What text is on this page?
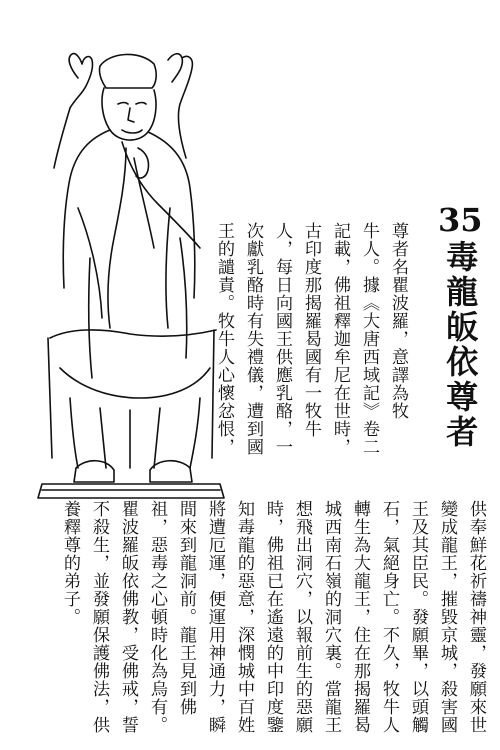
35毒龍皈依尊者
尊者名瞿波羅，意譯為牧
牛人。據《大唐西域記》卷二
記載，佛祖釋迦牟尼在世時，
古印度那揭羅曷國有一牧牛
人，每日向國王供應乳酪，一
次獻乳酪時有失禮儀，遭到國
王的譴責。牧牛人心懷忿恨，
供奉鮮花祈禱神靈，發願來世
變成龍王，摧毀京城，殺害國
王及其臣民。發願畢，以頭觸
石，氣絕身亡。不久，牧牛人
轉生為大龍王，住在那揭羅曷
城西南石嶺的洞穴裏。當龍王
想飛出洞穴，以報前生的惡願
時，佛祖已在遙遠的中印度鑒
知毒龍的惡意，深憫城中百姓
將遭厄運，便運用神通力，瞬
間來到龍洞前。龍王見到佛
祖，惡毒之心頓時化為烏有。
瞿波羅皈依佛教，受佛戒，誓
不殺生，並發願保護佛法，供
養釋尊的弟子。
